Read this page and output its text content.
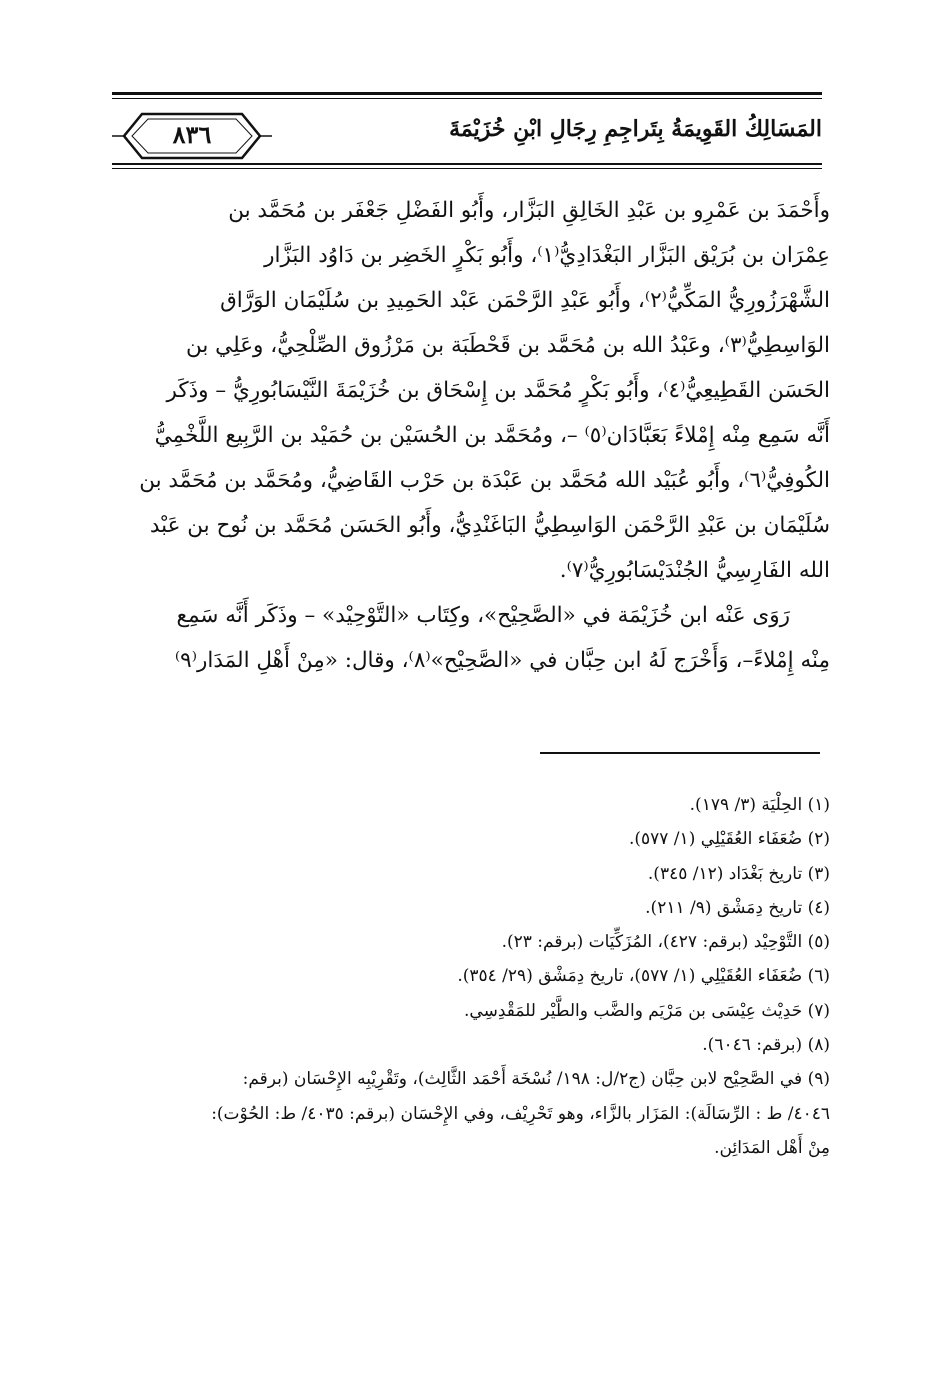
المَسَالِكُ القَوِيمَةُ بِتَراجِمِ رِجَالِ ابْنِ خُزَيْمَةَ
٨٣٦
وأَحْمَدَ بن عَمْرِو بن عَبْدِ الخَالِقِ البَزَّار، وأَبُو الفَضْلِ جَعْفَر بن مُحَمَّد بن
عِمْرَان بن بُرَيْق البَزَّار البَغْدَادِيُّ⁽١⁾، وأَبُو بَكْرٍ الخَضِر بن دَاوُد البَزَّار
الشَّهْرَزُورِيُّ المَكِّيُّ⁽٢⁾، وأَبُو عَبْدِ الرَّحْمَن عَبْد الحَمِيدِ بن سُلَيْمَان الوَرَّاق
الوَاسِطِيُّ⁽٣⁾، وعَبْدُ الله بن مُحَمَّد بن قَحْطَبَة بن مَرْزُوق الصِّلْحِيُّ، وعَلِي بن
الحَسَن القَطِيعِيُّ⁽٤⁾، وأَبُو بَكْرٍ مُحَمَّد بن إِسْحَاق بن خُزَيْمَةَ النَّيْسَابُورِيُّ – وذَكَر
أَنَّه سَمِع مِنْه إِمْلاءً بَعَبَّادَان⁽٥⁾ –، ومُحَمَّد بن الحُسَيْن بن حُمَيْد بن الرَّبِيع اللَّخْمِيُّ
الكُوفِيُّ⁽٦⁾، وأَبُو عُبَيْد الله مُحَمَّد بن عَبْدَة بن حَرْب القَاضِيُّ، ومُحَمَّد بن مُحَمَّد بن
سُلَيْمَان بن عَبْدِ الرَّحْمَن الوَاسِطِيُّ البَاغَنْدِيُّ، وأَبُو الحَسَن مُحَمَّد بن نُوح بن عَبْد
الله الفَارِسِيُّ الجُنْدَيْسَابُورِيُّ⁽٧⁾.
رَوَى عَنْه ابن خُزَيْمَة في «الصَّحِيْح»، وكِتَاب «التَّوْحِيْد» – وذَكَر أَنَّه سَمِع
مِنْه إِمْلاءً–، وَأَخْرَج لَهُ ابن حِبَّان في «الصَّحِيْح»⁽٨⁾، وقال: «مِنْ أَهْلِ المَدَار⁽٩⁾
(١) الحِلْيَة (٣/ ١٧٩).
(٢) ضُعَفَاء العُقَيْلِي (١/ ٥٧٧).
(٣) تاريخ بَغْدَاد (١٢/ ٣٤٥).
(٤) تاريخ دِمَشْق (٩/ ٢١١).
(٥) التَّوْحِيْد (برقم: ٤٢٧)، المُزَكِّيَات (برقم: ٢٣).
(٦) ضُعَفَاء العُقَيْلِي (١/ ٥٧٧)، تاريخ دِمَشْق (٢٩/ ٣٥٤).
(٧) حَدِيْث عِيْسَى بن مَرْيَم والضَّب والطَّيْر للمَقْدِسِي.
(٨) (برقم: ٦٠٤٦).
(٩) في الصَّحِيْح لابن حِبَّان (ج٢/ل: ١٩٨/ نُسْخَة أَحْمَد الثَّالِث)، وتَقْرِيْبِه الإِحْسَان (برقم:
٤٠٤٦/ ط : الرِّسَالَة): المَزَار بالزَّاء، وهو تَحْرِيْف، وفي الإِحْسَان (برقم: ٤٠٣٥/ ط: الحُوْت):
مِنْ أَهْل المَدَائِن.
